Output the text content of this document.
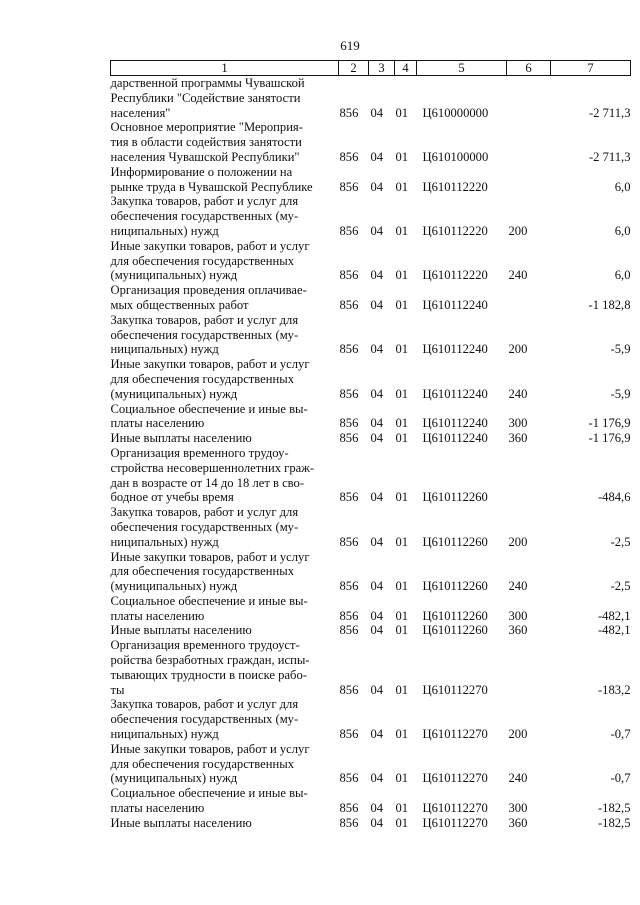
619
1	2	3	4	5	6	7

дарственной программы Чувашской
Республики "Содействие занятости
населения"	856	04	01	Ц610000000		-2 711,3

Основное мероприятие "Мероприя-
тия в области содействия занятости
населения Чувашской Республики"	856	04	01	Ц610100000		-2 711,3

Информирование о положении на
рынке труда в Чувашской Республике	856	04	01	Ц610112220		6,0

Закупка товаров, работ и услуг для
обеспечения государственных (му-
ниципальных) нужд	856	04	01	Ц610112220	200	6,0

Иные закупки товаров, работ и услуг
для обеспечения государственных
(муниципальных) нужд	856	04	01	Ц610112220	240	6,0

Организация проведения оплачивае-
мых общественных работ	856	04	01	Ц610112240		-1 182,8

Закупка товаров, работ и услуг для
обеспечения государственных (му-
ниципальных) нужд	856	04	01	Ц610112240	200	-5,9

Иные закупки товаров, работ и услуг
для обеспечения государственных
(муниципальных) нужд	856	04	01	Ц610112240	240	-5,9

Социальное обеспечение и иные вы-
платы населению	856	04	01	Ц610112240	300	-1 176,9

Иные выплаты населению	856	04	01	Ц610112240	360	-1 176,9

Организация временного трудоу-
стройства несовершеннолетних граж-
дан в возрасте от 14 до 18 лет в сво-
бодное от учебы время	856	04	01	Ц610112260		-484,6

Закупка товаров, работ и услуг для
обеспечения государственных (му-
ниципальных) нужд	856	04	01	Ц610112260	200	-2,5

Иные закупки товаров, работ и услуг
для обеспечения государственных
(муниципальных) нужд	856	04	01	Ц610112260	240	-2,5

Социальное обеспечение и иные вы-
платы населению	856	04	01	Ц610112260	300	-482,1

Иные выплаты населению	856	04	01	Ц610112260	360	-482,1

Организация временного трудоуст-
ройства безработных граждан, испы-
тывающих трудности в поиске рабо-
ты	856	04	01	Ц610112270		-183,2

Закупка товаров, работ и услуг для
обеспечения государственных (му-
ниципальных) нужд	856	04	01	Ц610112270	200	-0,7

Иные закупки товаров, работ и услуг
для обеспечения государственных
(муниципальных) нужд	856	04	01	Ц610112270	240	-0,7

Социальное обеспечение и иные вы-
платы населению	856	04	01	Ц610112270	300	-182,5

Иные выплаты населению	856	04	01	Ц610112270	360	-182,5
